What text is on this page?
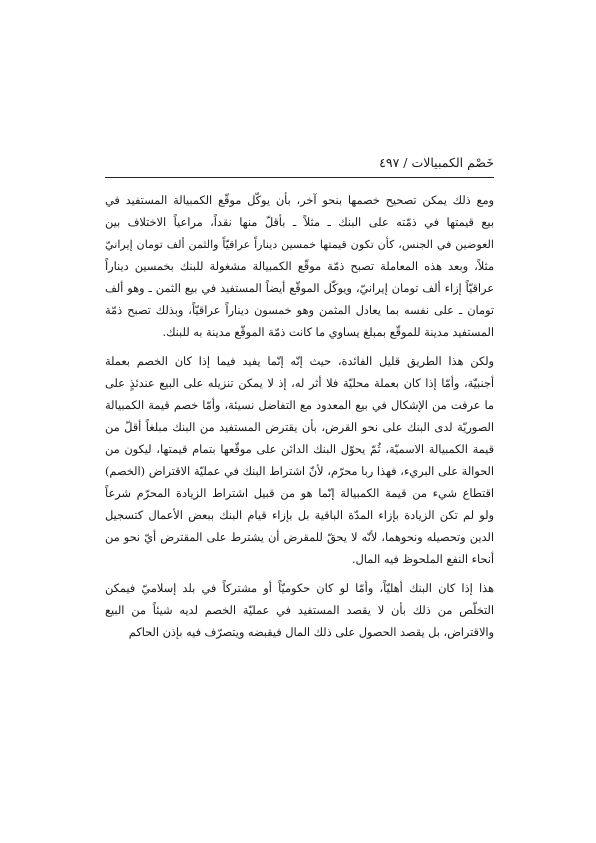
خَصْم الكمبيالات / ٤٩٧
ومع ذلك يمكن تصحيح خصمها بنحو آخر، بأن يوكّل موقّع الكمبيالة المستفيد في
بيع قيمتها في ذمّته على البنك ـ مثلاً ـ بأقلّ منها نقداً، مراعياً الاختلاف بين
العوضين في الجنس، كأن تكون قيمتها خمسين ديناراً عراقيّاً والثمن ألف تومان إيرانيّ
مثلاً، وبعد هذه المعاملة تصبح ذمّة موقّع الكمبيالة مشغولة للبنك بخمسين ديناراً
عراقيّاً إزاء ألف تومان إيرانيّ، ويوكّل الموقّع أيضاً المستفيد في بيع الثمن ـ وهو ألف
تومان ـ على نفسه بما يعادل المثمن وهو خمسون ديناراً عراقيّاً، وبذلك تصبح ذمّة
المستفيد مدينة للموقّع بمبلغ يساوي ما كانت ذمّة الموقّع مدينة به للبنك.
ولكن هذا الطريق قليل الفائدة، حيث إنّه إنّما يفيد فيما إذا كان الخصم بعملة
أجنبيّة، وأمّا إذا كان بعملة محليّة فلا أثر له، إذ لا يمكن تنزيله على البيع عندئذٍ على
ما عرفت من الإشكال في بيع المعدود مع التفاضل نسيئة، وأمّا خصم قيمة الكمبيالة
الصوريّة لدى البنك على نحو القرض، بأن يقترض المستفيد من البنك مبلغاً أقلّ من
قيمة الكمبيالة الاسميّة، ثُمّ يحوّل البنك الدائن على موقّعها بتمام قيمتها، ليكون من
الحوالة على البريء، فهذا ربا محرّم، لأنّ اشتراط البنك في عمليّة الاقتراض (الخصم)
اقتطاع شيء من قيمة الكمبيالة إنّما هو من قبيل اشتراط الزيادة المحرّم شرعاً
ولو لم تكن الزيادة بإزاء المدّة الباقية بل بإزاء قيام البنك ببعض الأعمال كتسجيل
الدين وتحصيله ونحوهما، لأنّه لا يحقّ للمقرض أن يشترط على المقترض أيّ نحو من
أنحاء النفع الملحوظ فيه المال.
هذا إذا كان البنك أهليّاً، وأمّا لو كان حكوميّاً أو مشتركاً في بلد إسلاميّ فيمكن
التخلّص من ذلك بأن لا يقصد المستفيد في عمليّة الخصم لديه شيئاً من البيع
والاقتراض، بل يقصد الحصول على ذلك المال فيقبضه ويتصرّف فيه بإذن الحاكم
